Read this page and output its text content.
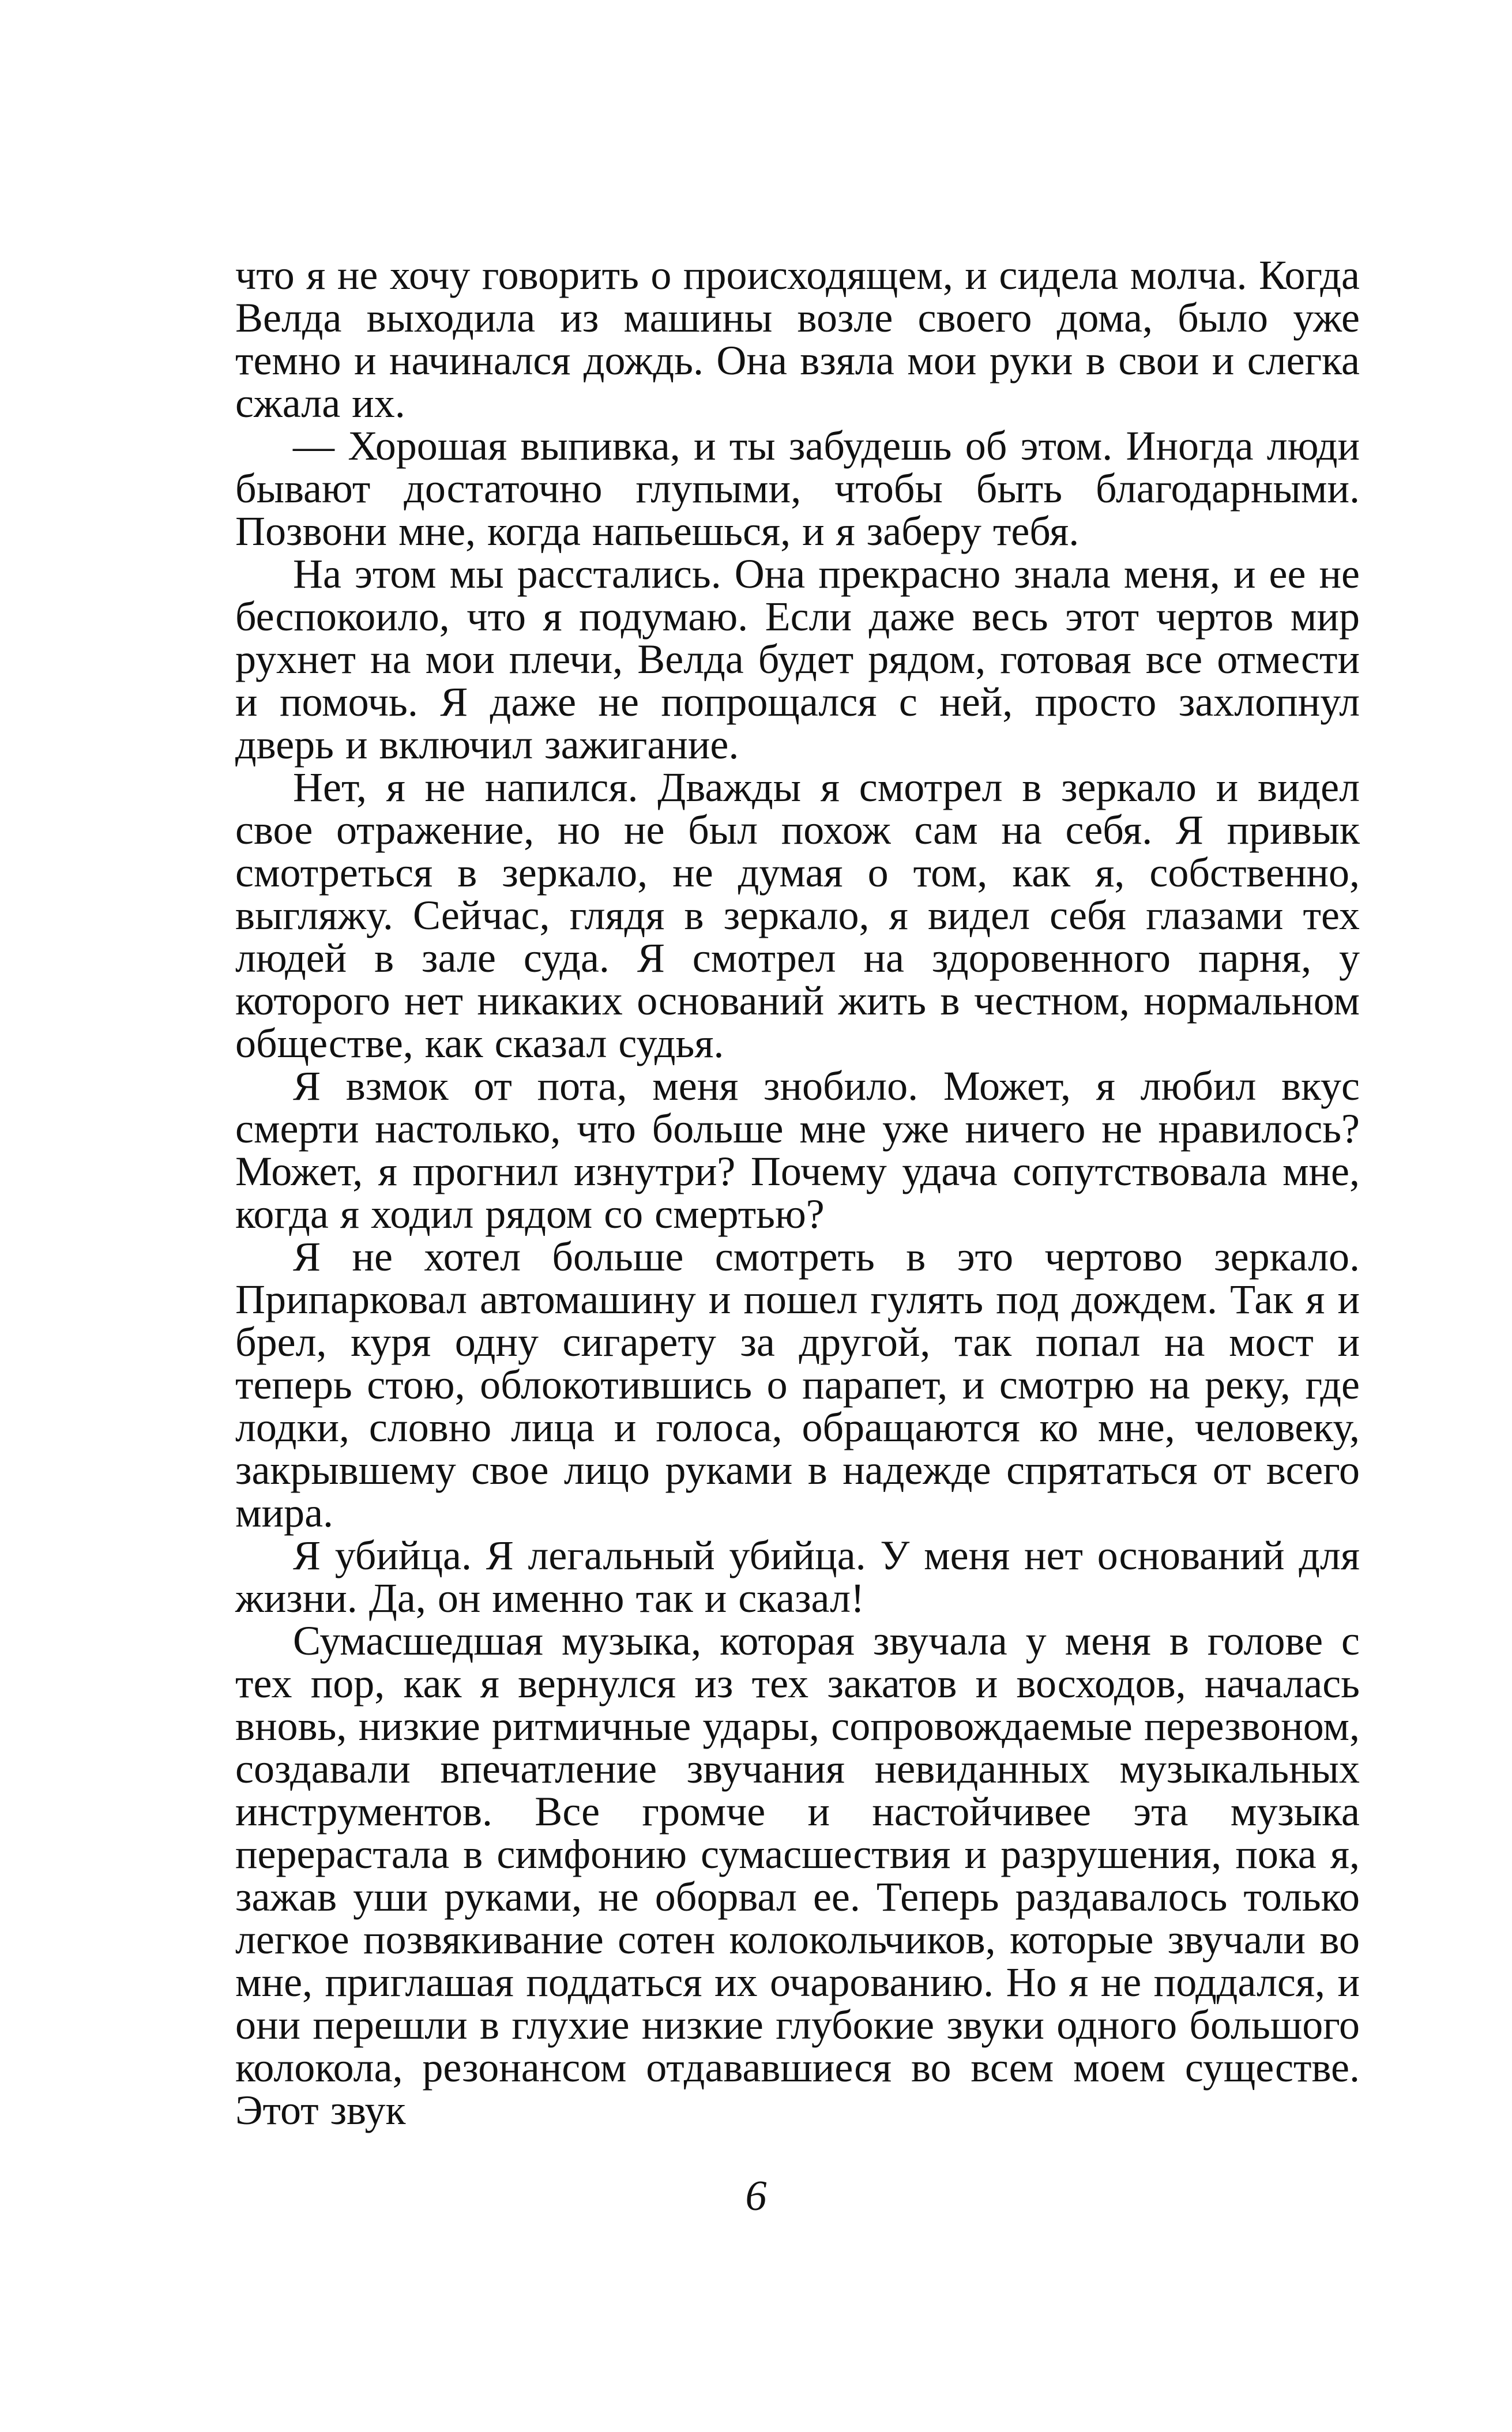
что я не хочу говорить о происходящем, и сидела молча. Когда Велда выходила из машины возле своего дома, было уже темно и начинался дождь. Она взяла мои руки в свои и слегка сжала их.

— Хорошая выпивка, и ты забудешь об этом. Иногда люди бывают достаточно глупыми, чтобы быть благодарными. Позвони мне, когда напьешься, и я заберу тебя.

На этом мы расстались. Она прекрасно знала меня, и ее не беспокоило, что я подумаю. Если даже весь этот чертов мир рухнет на мои плечи, Велда будет рядом, готовая все отмести и помочь. Я даже не попрощался с ней, просто захлопнул дверь и включил зажигание.

Нет, я не напился. Дважды я смотрел в зеркало и видел свое отражение, но не был похож сам на себя. Я привык смотреться в зеркало, не думая о том, как я, собственно, выгляжу. Сейчас, глядя в зеркало, я видел себя глазами тех людей в зале суда. Я смотрел на здоровенного парня, у которого нет никаких оснований жить в честном, нормальном обществе, как сказал судья.

Я взмок от пота, меня знобило. Может, я любил вкус смерти настолько, что больше мне уже ничего не нравилось? Может, я прогнил изнутри? Почему удача сопутствовала мне, когда я ходил рядом со смертью?

Я не хотел больше смотреть в это чертово зеркало. Припарковал автомашину и пошел гулять под дождем. Так я и брел, куря одну сигарету за другой, так попал на мост и теперь стою, облокотившись о парапет, и смотрю на реку, где лодки, словно лица и голоса, обращаются ко мне, человеку, закрывшему свое лицо руками в надежде спрятаться от всего мира.

Я убийца. Я легальный убийца. У меня нет оснований для жизни. Да, он именно так и сказал!

Сумасшедшая музыка, которая звучала у меня в голове с тех пор, как я вернулся из тех закатов и восходов, началась вновь, низкие ритмичные удары, сопровождаемые перезвоном, создавали впечатление звучания невиданных музыкальных инструментов. Все громче и настойчивее эта музыка перерастала в симфонию сумасшествия и разрушения, пока я, зажав уши руками, не оборвал ее. Теперь раздавалось только легкое позвякивание сотен колокольчиков, которые звучали во мне, приглашая поддаться их очарованию. Но я не поддался, и они перешли в глухие низкие глубокие звуки одного большого колокола, резонансом отдававшиеся во всем моем существе. Этот звук

6
